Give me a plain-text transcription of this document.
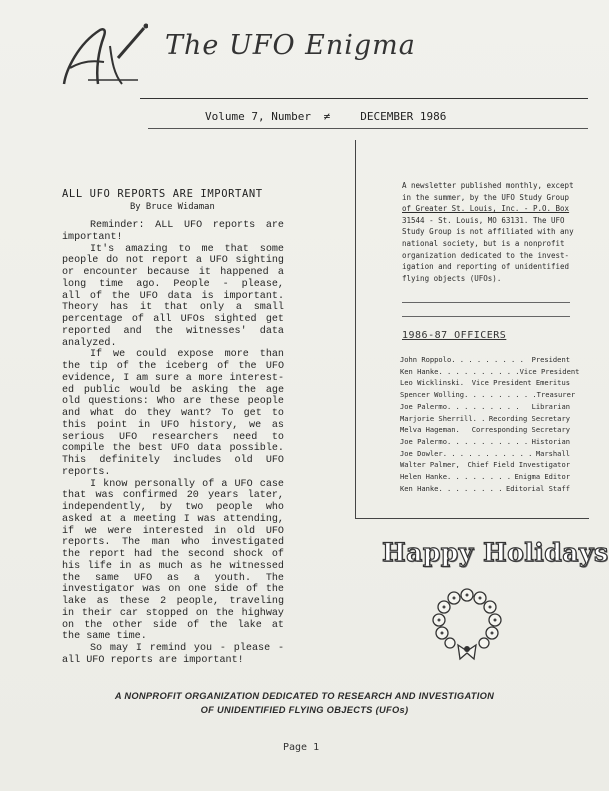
The UFO Enigma
Volume 7, Number ≠	DECEMBER 1986
A newsletter published monthly, except
in the summer, by the UFO Study Group
of Greater St. Louis, Inc. - P.O. Box
31544 - St. Louis, MO 63131. The UFO
Study Group is not affiliated with any
national society, but is a nonprofit
organization dedicated to the invest-
igation and reporting of unidentified
flying objects (UFOs).
1986-87 OFFICERS
John Roppolo . . . . . . . . .	President
Ken Hanke . . . . . . . . . . Vice President
Leo Wicklinski .	Vice President Emeritus
Spencer Wolling . . . . . . . . . Treasurer
Joe Palermo . . . . . . . . .	Librarian
Marjorie Sherrill . . Recording Secretary
Melva Hageman .	Corresponding Secretary
Joe Palermo . . . . . . . . . . Historian
Joe Dowler . . . . . . . . . . . Marshall
Walter Palmer ,	Chief Field Investigator
Helen Hanke . . . . . . . . Enigma Editor
Ken Hanke . . . . . . . . Editorial Staff
Happy Holidays
ALL UFO REPORTS ARE IMPORTANT
By Bruce Widaman
Reminder: ALL UFO reports are
important!
It's amazing to me that some
people do not report a UFO sighting
or encounter because it happened a
long time ago. People - please,
all of the UFO data is important.
Theory has it that only a small
percentage of all UFOs sighted get
reported and the witnesses' data
analyzed.
If we could expose more than
the tip of the iceberg of the UFO
evidence, I am sure a more interest-
ed public would be asking the age
old questions: Who are these people
and what do they want? To get to
this point in UFO history, we as
serious UFO researchers need to
compile the best UFO data possible.
This definitely includes old UFO
reports.
I know personally of a UFO case
that was confirmed 20 years later,
independently, by two people who
asked at a meeting I was attending,
if we were interested in old UFO
reports. The man who investigated
the report had the second shock of
his life in as much as he witnessed
the same UFO as a youth. The
investigator was on one side of the
lake as these 2 people, traveling
in their car stopped on the highway
on the other side of the lake at
the same time.
So may I remind you - please -
all UFO reports are important!
A NONPROFIT ORGANIZATION DEDICATED TO RESEARCH AND INVESTIGATION
OF UNIDENTIFIED FLYING OBJECTS (UFOs)
Page 1
